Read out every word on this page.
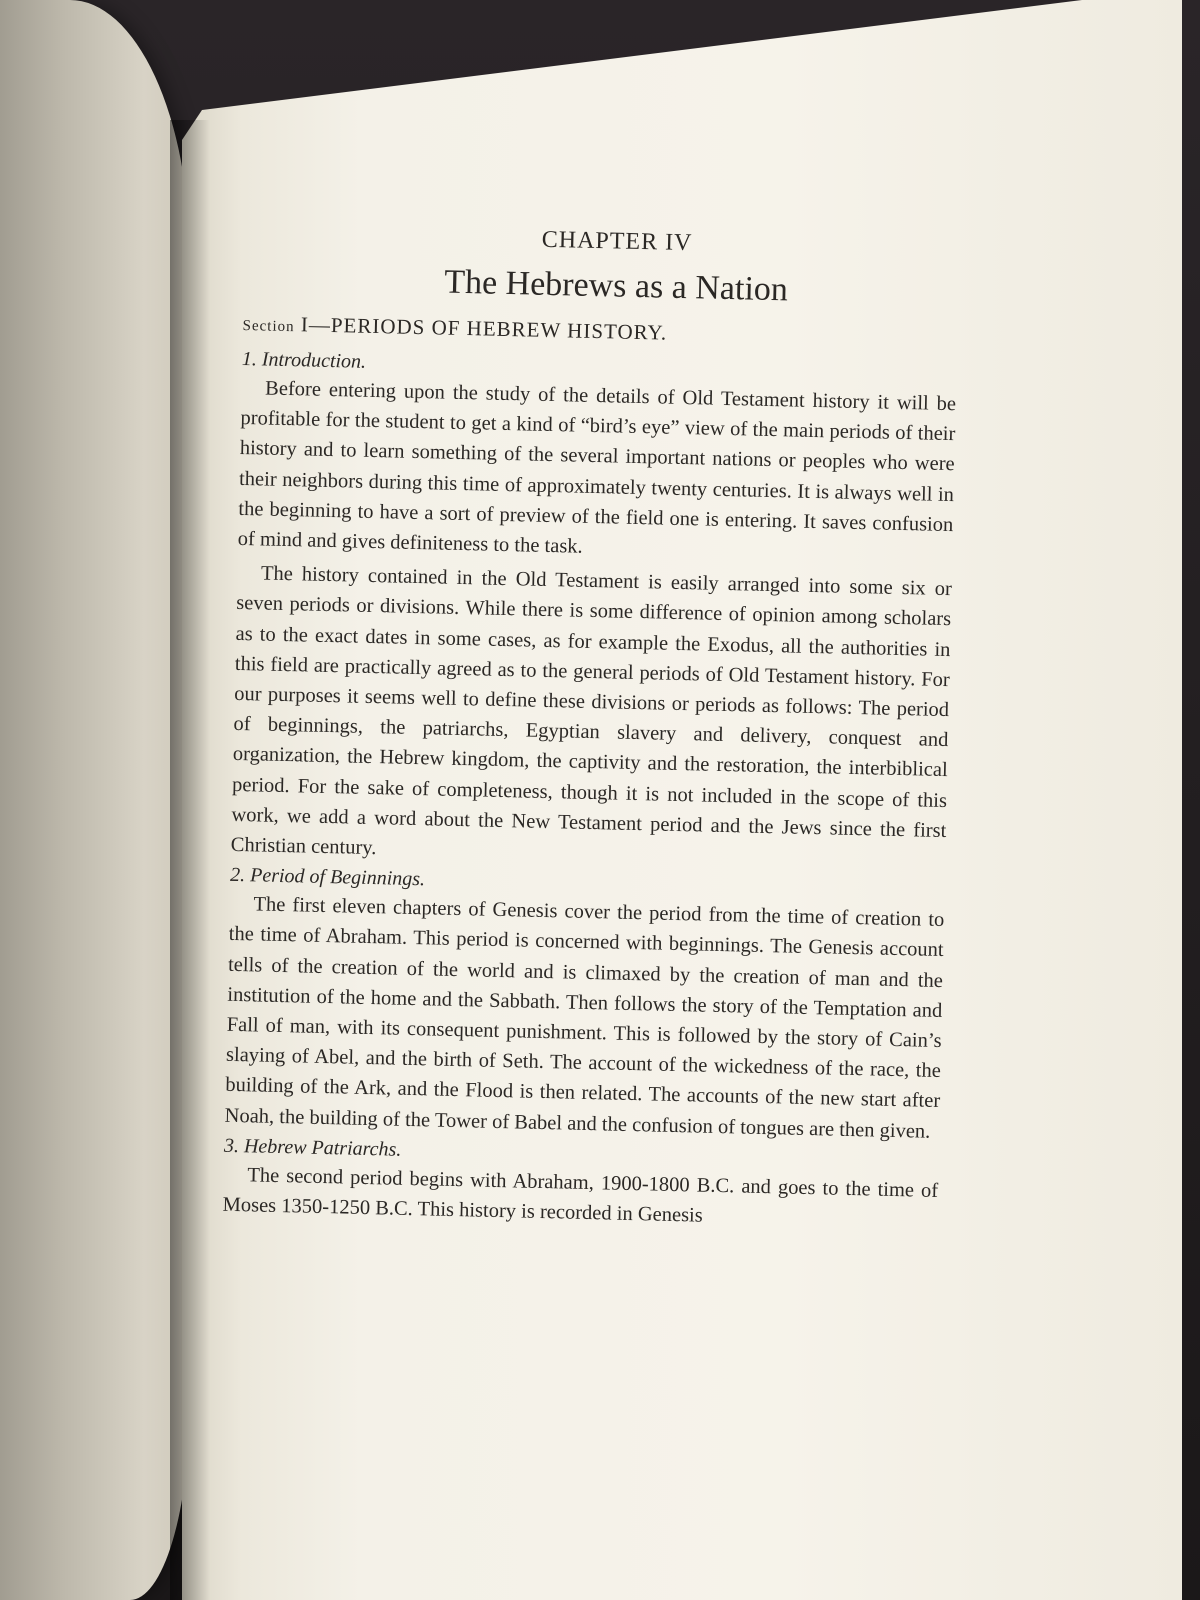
CHAPTER IV
The Hebrews as a Nation
Section I—PERIODS OF HEBREW HISTORY.
1. Introduction.

Before entering upon the study of the details of Old Testament history it will be profitable for the student to get a kind of “bird’s eye” view of the main periods of their history and to learn something of the several important nations or peoples who were their neighbors during this time of approximately twenty centuries. It is always well in the beginning to have a sort of preview of the field one is entering. It saves confusion of mind and gives definiteness to the task.

The history contained in the Old Testament is easily arranged into some six or seven periods or divisions. While there is some difference of opinion among scholars as to the exact dates in some cases, as for example the Exodus, all the authorities in this field are practically agreed as to the general periods of Old Testament history. For our purposes it seems well to define these divisions or periods as follows: The period of beginnings, the patriarchs, Egyptian slavery and delivery, conquest and organization, the Hebrew kingdom, the captivity and the restoration, the interbiblical period. For the sake of completeness, though it is not included in the scope of this work, we add a word about the New Testament period and the Jews since the first Christian century.

2. Period of Beginnings.

The first eleven chapters of Genesis cover the period from the time of creation to the time of Abraham. This period is concerned with beginnings. The Genesis account tells of the creation of the world and is climaxed by the creation of man and the institution of the home and the Sabbath. Then follows the story of the Temptation and Fall of man, with its consequent punishment. This is followed by the story of Cain’s slaying of Abel, and the birth of Seth. The account of the wickedness of the race, the building of the Ark, and the Flood is then related. The accounts of the new start after Noah, the building of the Tower of Babel and the confusion of tongues are then given.

3. Hebrew Patriarchs.

The second period begins with Abraham, 1900-1800 B.C. and goes to the time of Moses 1350-1250 B.C. This history is recorded in Genesis
